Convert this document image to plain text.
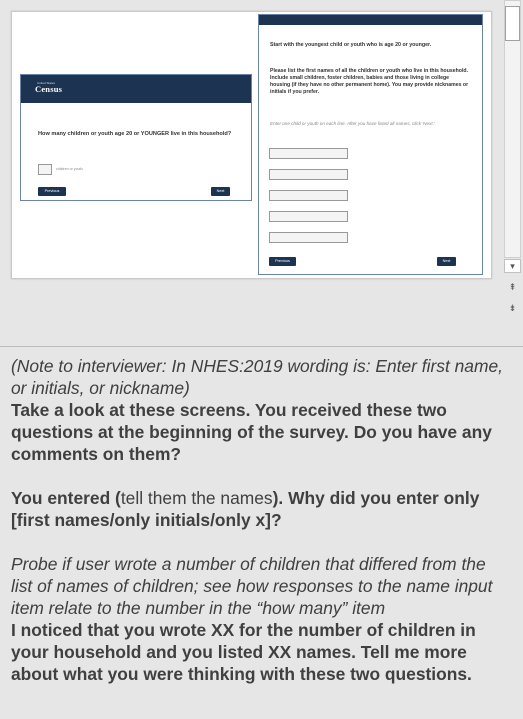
United States
Census
How many children or youth age 20 or YOUNGER live in this household?
children or youth
Previous	Next
Start with the youngest child or youth who is age 20 or younger.
Please list the first names of all the children or youth who live in this household. Include small children, foster children, babies and those living in college housing (if they have no other permanent home). You may provide nicknames or initials if you prefer.
Enter one child or youth on each line. After you have listed all names, click 'Next.'
Previous	Next	▾
⇞
⇟
(Note to interviewer: In NHES:2019 wording is: Enter first name, or initials, or nickname)
Take a look at these screens. You received these two questions at the beginning of the survey. Do you have any comments on them?
You entered (tell them the names). Why did you enter only [first names/only initials/only x]?
Probe if user wrote a number of children that differed from the list of names of children; see how responses to the name input item relate to the number in the “how many” item
I noticed that you wrote XX for the number of children in your household and you listed XX names. Tell me more about what you were thinking with these two questions.
